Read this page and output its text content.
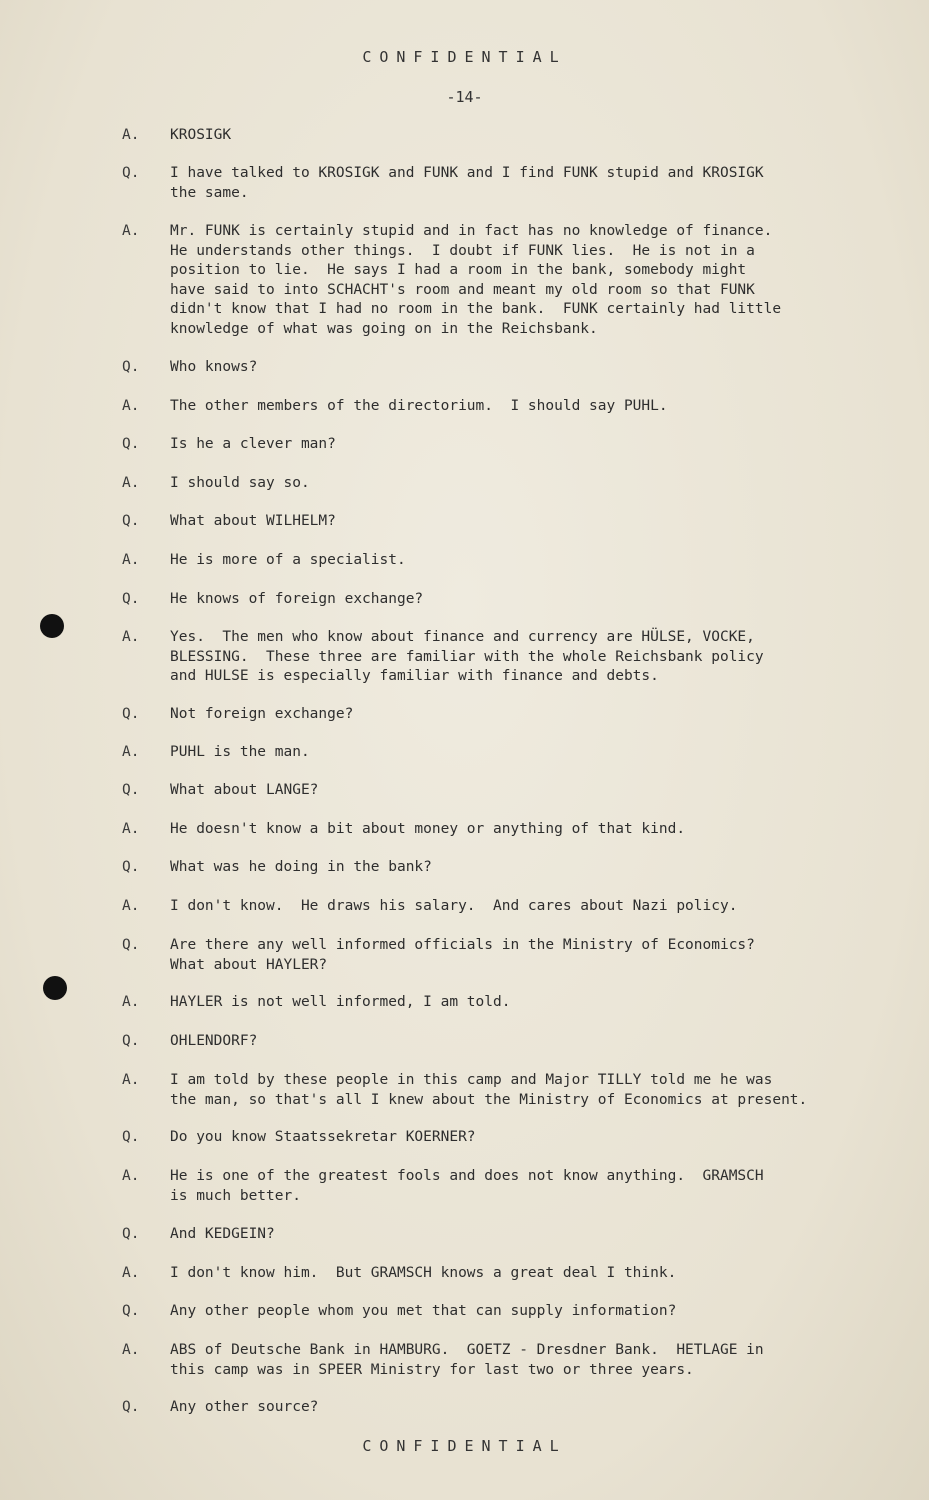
CONFIDENTIAL
-14-
A.	KROSIGK
Q.	I have talked to KROSIGK and FUNK and I find FUNK stupid and KROSIGK
the same.
A.	Mr. FUNK is certainly stupid and in fact has no knowledge of finance.
He understands other things.  I doubt if FUNK lies.  He is not in a
position to lie.  He says I had a room in the bank, somebody might
have said to into SCHACHT's room and meant my old room so that FUNK
didn't know that I had no room in the bank.  FUNK certainly had little
knowledge of what was going on in the Reichsbank.
Q.	Who knows?
A.	The other members of the directorium.  I should say PUHL.
Q.	Is he a clever man?
A.	I should say so.
Q.	What about WILHELM?
A.	He is more of a specialist.
Q.	He knows of foreign exchange?
A.	Yes.  The men who know about finance and currency are HÜLSE, VOCKE,
BLESSING.  These three are familiar with the whole Reichsbank policy
and HULSE is especially familiar with finance and debts.
Q.	Not foreign exchange?
A.	PUHL is the man.
Q.	What about LANGE?
A.	He doesn't know a bit about money or anything of that kind.
Q.	What was he doing in the bank?
A.	I don't know.  He draws his salary.  And cares about Nazi policy.
Q.	Are there any well informed officials in the Ministry of Economics?
What about HAYLER?
A.	HAYLER is not well informed, I am told.
Q.	OHLENDORF?
A.	I am told by these people in this camp and Major TILLY told me he was
the man, so that's all I knew about the Ministry of Economics at present.
Q.	Do you know Staatssekretar KOERNER?
A.	He is one of the greatest fools and does not know anything.  GRAMSCH
is much better.
Q.	And KEDGEIN?
A.	I don't know him.  But GRAMSCH knows a great deal I think.
Q.	Any other people whom you met that can supply information?
A.	ABS of Deutsche Bank in HAMBURG.  GOETZ - Dresdner Bank.  HETLAGE in
this camp was in SPEER Ministry for last two or three years.
Q.	Any other source?
CONFIDENTIAL
